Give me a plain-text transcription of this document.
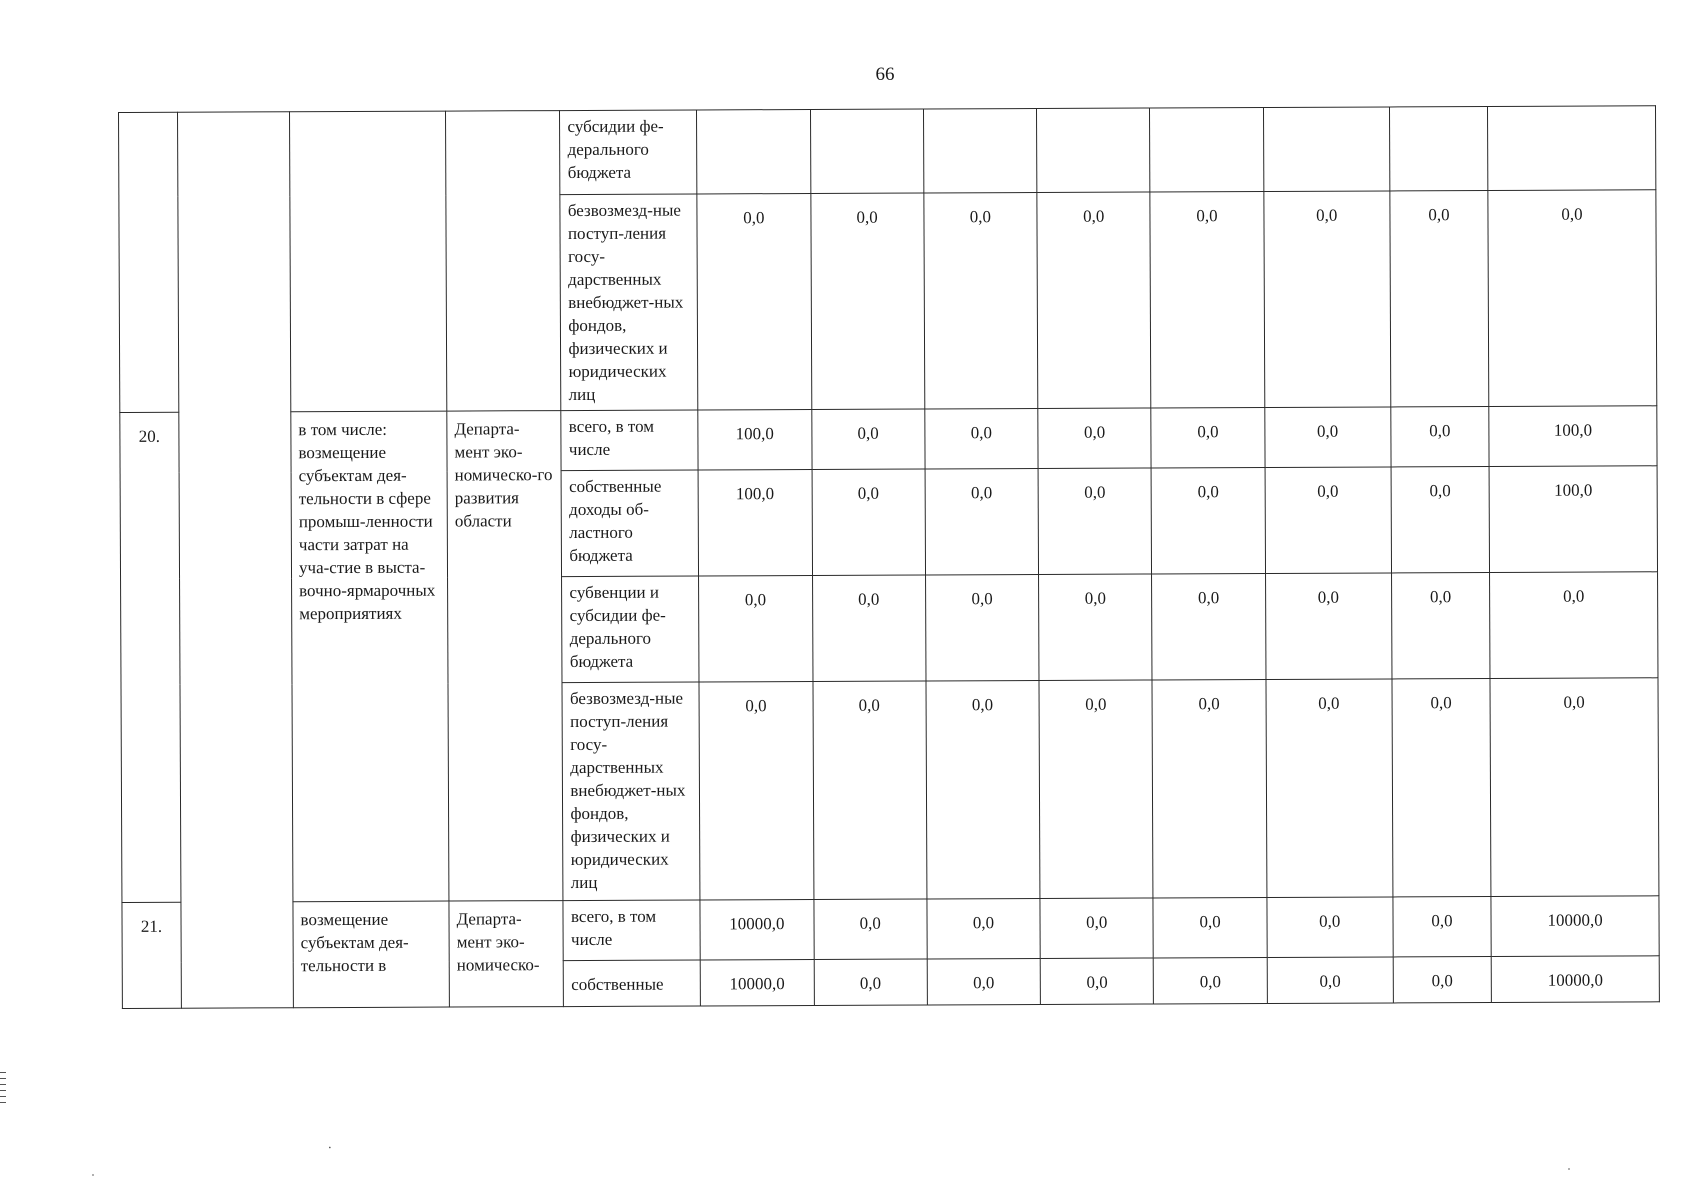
66
				субсидии фе-дерального бюджета								
				безвозмезд-ные поступ-ления госу-дарственных внебюджет-ных фондов, физических и юридических лиц	0,0	0,0	0,0	0,0	0,0	0,0	0,0	0,0
20.		в том числе: возмещение субъектам дея-тельности в сфере промыш-ленности части затрат на уча-стие в выста-вочно-ярмарочных мероприятиях	Департа-мент эко-номическо-го развития области	всего, в том числе	100,0	0,0	0,0	0,0	0,0	0,0	0,0	100,0
				собственные доходы об-ластного бюджета	100,0	0,0	0,0	0,0	0,0	0,0	0,0	100,0
				субвенции и субсидии фе-дерального бюджета	0,0	0,0	0,0	0,0	0,0	0,0	0,0	0,0
				безвозмезд-ные поступ-ления госу-дарственных внебюджет-ных фондов, физических и юридических лиц	0,0	0,0	0,0	0,0	0,0	0,0	0,0	0,0
21.		возмещение субъектам дея-тельности в	Департа-мент эко-номическо-	всего, в том числе	10000,0	0,0	0,0	0,0	0,0	0,0	0,0	10000,0
				собственные	10000,0	0,0	0,0	0,0	0,0	0,0	0,0	10000,0
·
